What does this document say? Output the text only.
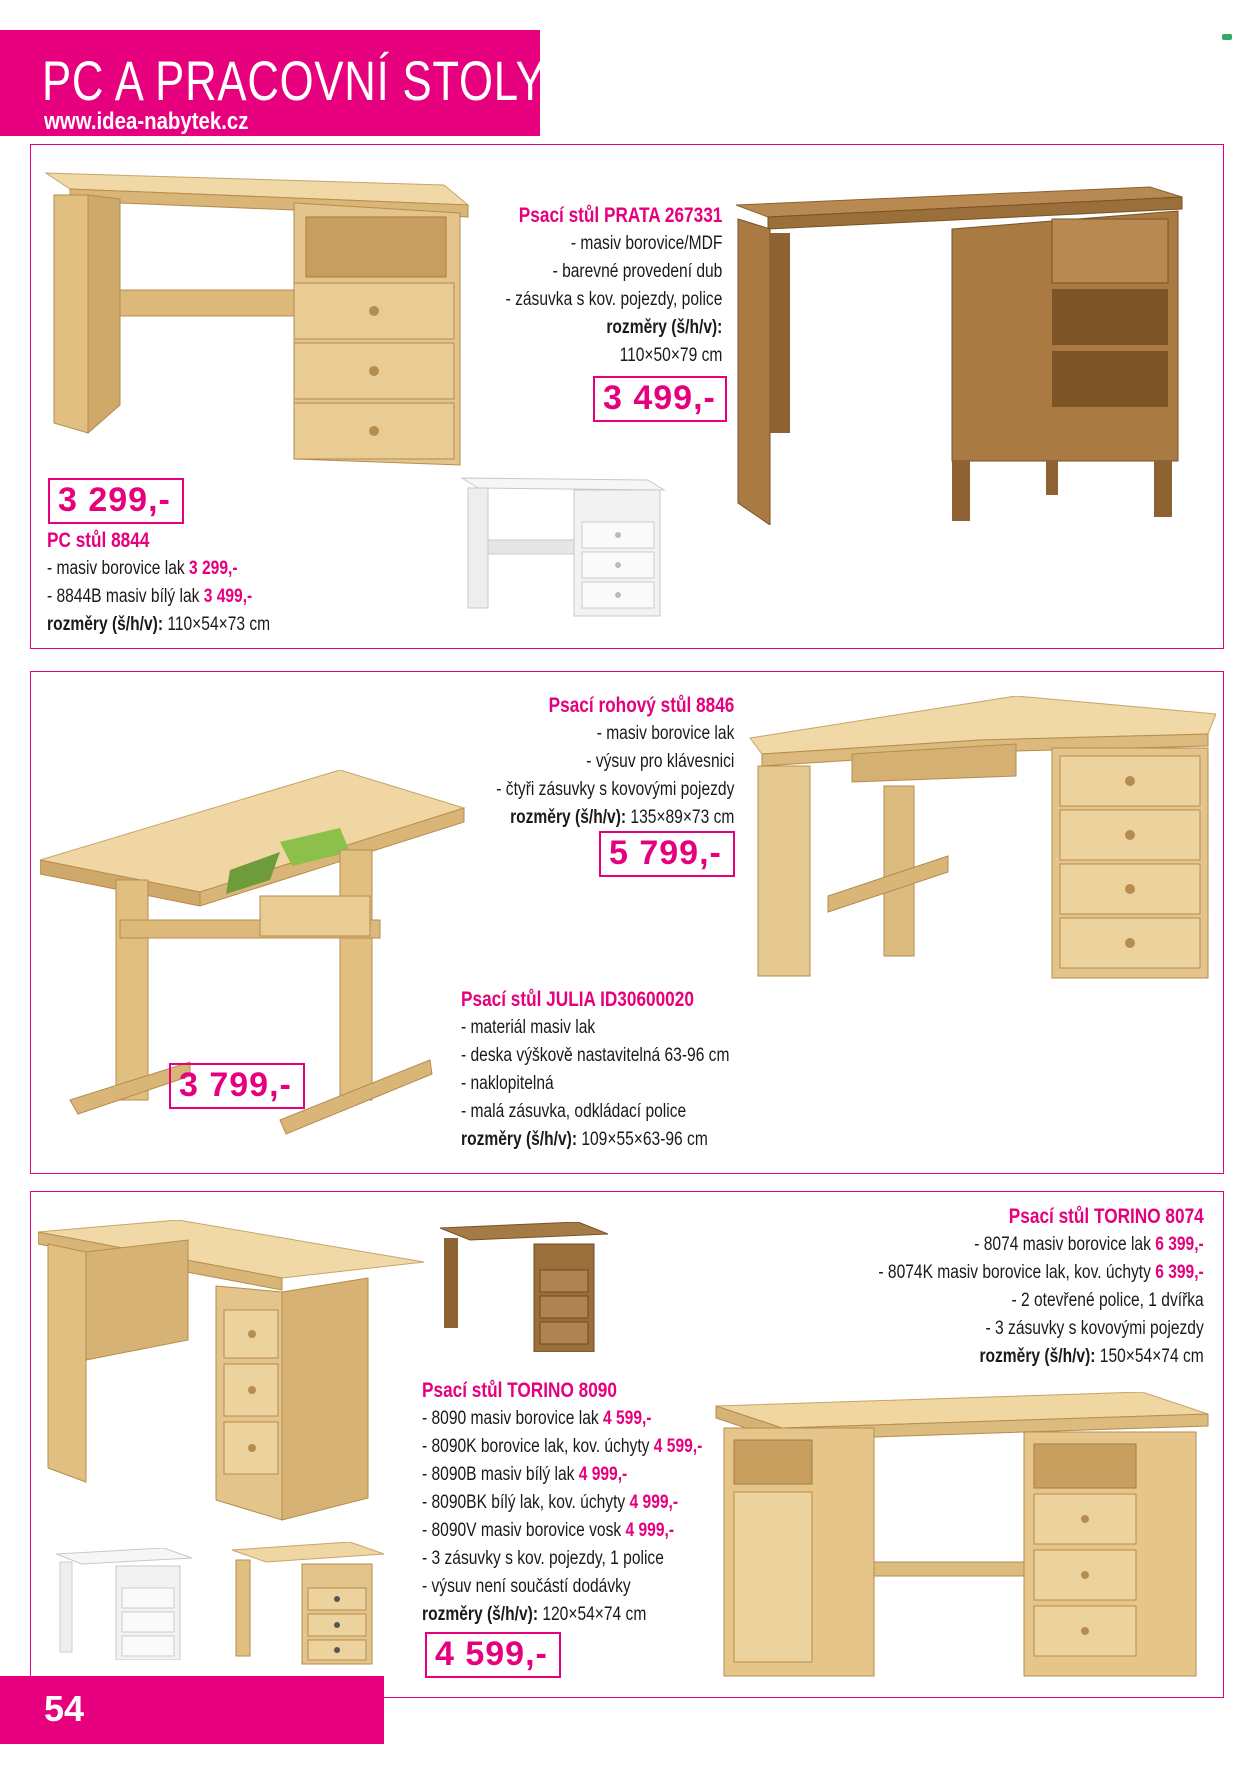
PC A PRACOVNÍ STOLY
www.idea-nabytek.cz
Psací stůl PRATA 267331
- masiv borovice/MDF
- barevné provedení dub
- zásuvka s kov. pojezdy, police
rozměry (š/h/v):
110×50×79 cm
3 499,-
3 299,-
PC stůl 8844
- masiv borovice lak 3 299,-
- 8844B masiv bílý lak 3 499,-
rozměry (š/h/v): 110×54×73 cm
Psací rohový stůl 8846
- masiv borovice lak
- výsuv pro klávesnici
- čtyři zásuvky s kovovými pojezdy
rozměry (š/h/v): 135×89×73 cm
5 799,-
Psací stůl JULIA ID30600020
- materiál masiv lak
- deska výškově nastavitelná 63-96 cm
- naklopitelná
- malá zásuvka, odkládací police
rozměry (š/h/v): 109×55×63-96 cm
3 799,-
Psací stůl TORINO 8074
- 8074 masiv borovice lak 6 399,-
- 8074K masiv borovice lak, kov. úchyty 6 399,-
- 2 otevřené police, 1 dvířka
- 3 zásuvky s kovovými pojezdy
rozměry (š/h/v): 150×54×74 cm
Psací stůl TORINO 8090
- 8090 masiv borovice lak 4 599,-
- 8090K borovice lak, kov. úchyty 4 599,-
- 8090B masiv bílý lak 4 999,-
- 8090BK bílý lak, kov. úchyty 4 999,-
- 8090V masiv borovice vosk 4 999,-
- 3 zásuvky s kov. pojezdy, 1 police
- výsuv není součástí dodávky
rozměry (š/h/v): 120×54×74 cm
4 599,-
54
